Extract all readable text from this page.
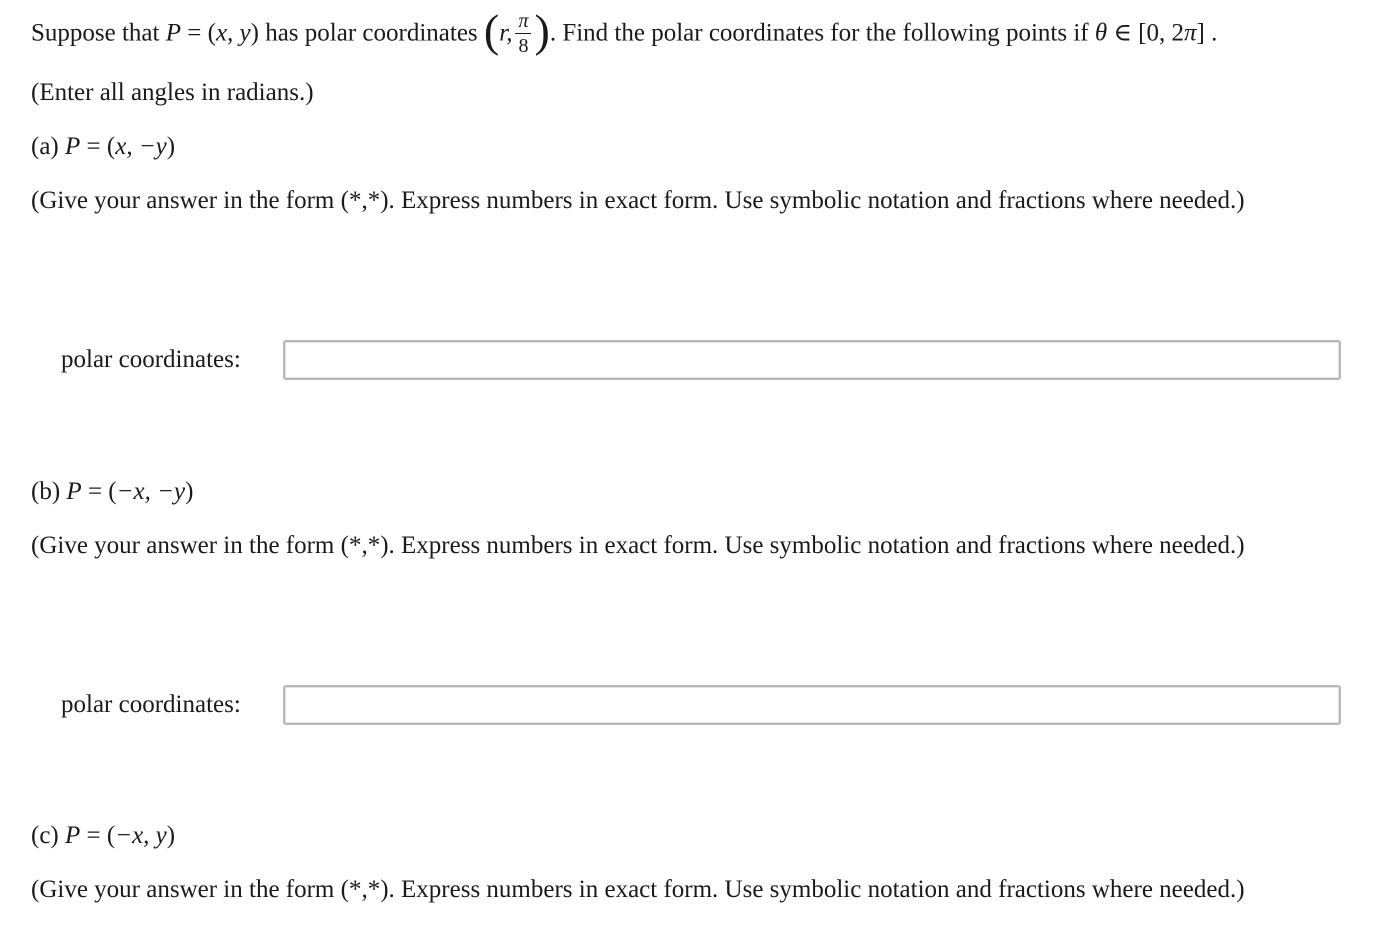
Suppose that P = (x, y) has polar coordinates (r, $\frac{\pi}{8}$ ). Find the polar coordinates for the following points if θ ∈ [0, 2π] .
(Enter all angles in radians.)
(a) P = (x, −y)
(Give your answer in the form (*,*). Express numbers in exact form. Use symbolic notation and fractions where needed.)
polar coordinates:
(b) P = (−x, −y)
(Give your answer in the form (*,*). Express numbers in exact form. Use symbolic notation and fractions where needed.)
polar coordinates:
(c) P = (−x, y)
(Give your answer in the form (*,*). Express numbers in exact form. Use symbolic notation and fractions where needed.)
